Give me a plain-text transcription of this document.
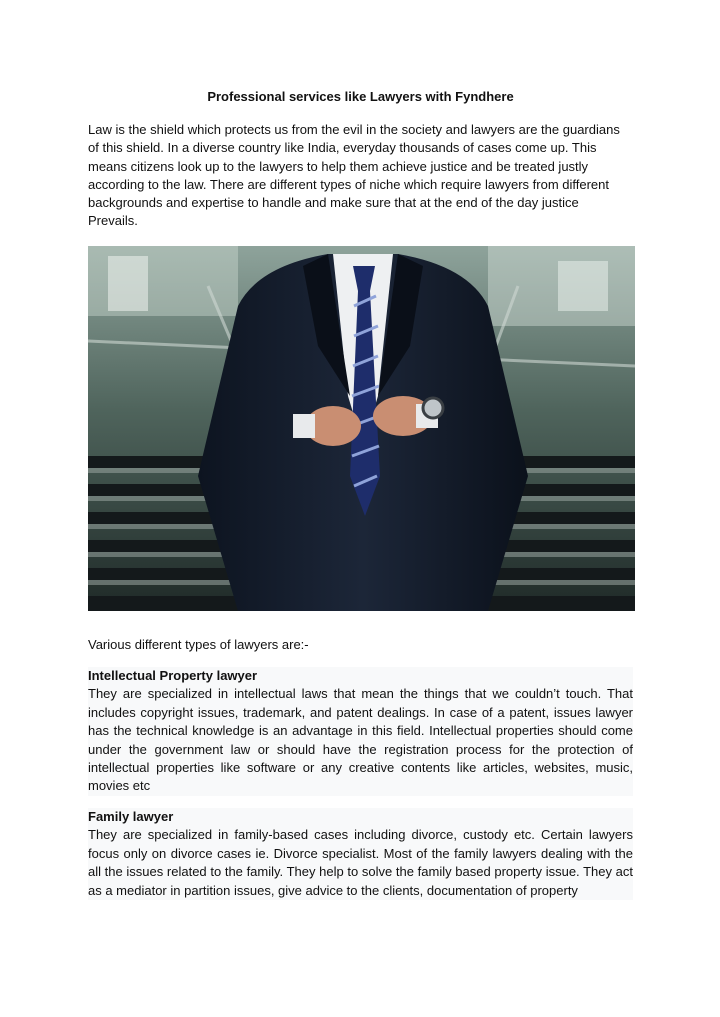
Professional services like Lawyers with Fyndhere
Law is the shield which protects us from the evil in the society and lawyers are the guardians
of this shield. In a diverse country like India, everyday thousands of cases come up. This
means citizens look up to the lawyers to help them achieve justice and be treated justly
according to the law. There are different types of niche which require lawyers from different
backgrounds and expertise to handle and make sure that at the end of the day justice
Prevails.
Various different types of lawyers are:-
Intellectual Property lawyer

They are specialized in intellectual laws that mean the things that we couldn’t touch. That includes copyright issues, trademark, and patent dealings. In case of a patent, issues lawyer has the technical knowledge is an advantage in this field. Intellectual properties should come under the government law or should have the registration process for the protection of intellectual properties like software or any creative contents like articles, websites, music, movies etc

Family lawyer

They are specialized in family-based cases including divorce, custody etc. Certain lawyers focus only on divorce cases ie. Divorce specialist. Most of the family lawyers dealing with the all the issues related to the family. They help to solve the family based property issue. They act as a mediator in partition issues, give advice to the clients, documentation of property
